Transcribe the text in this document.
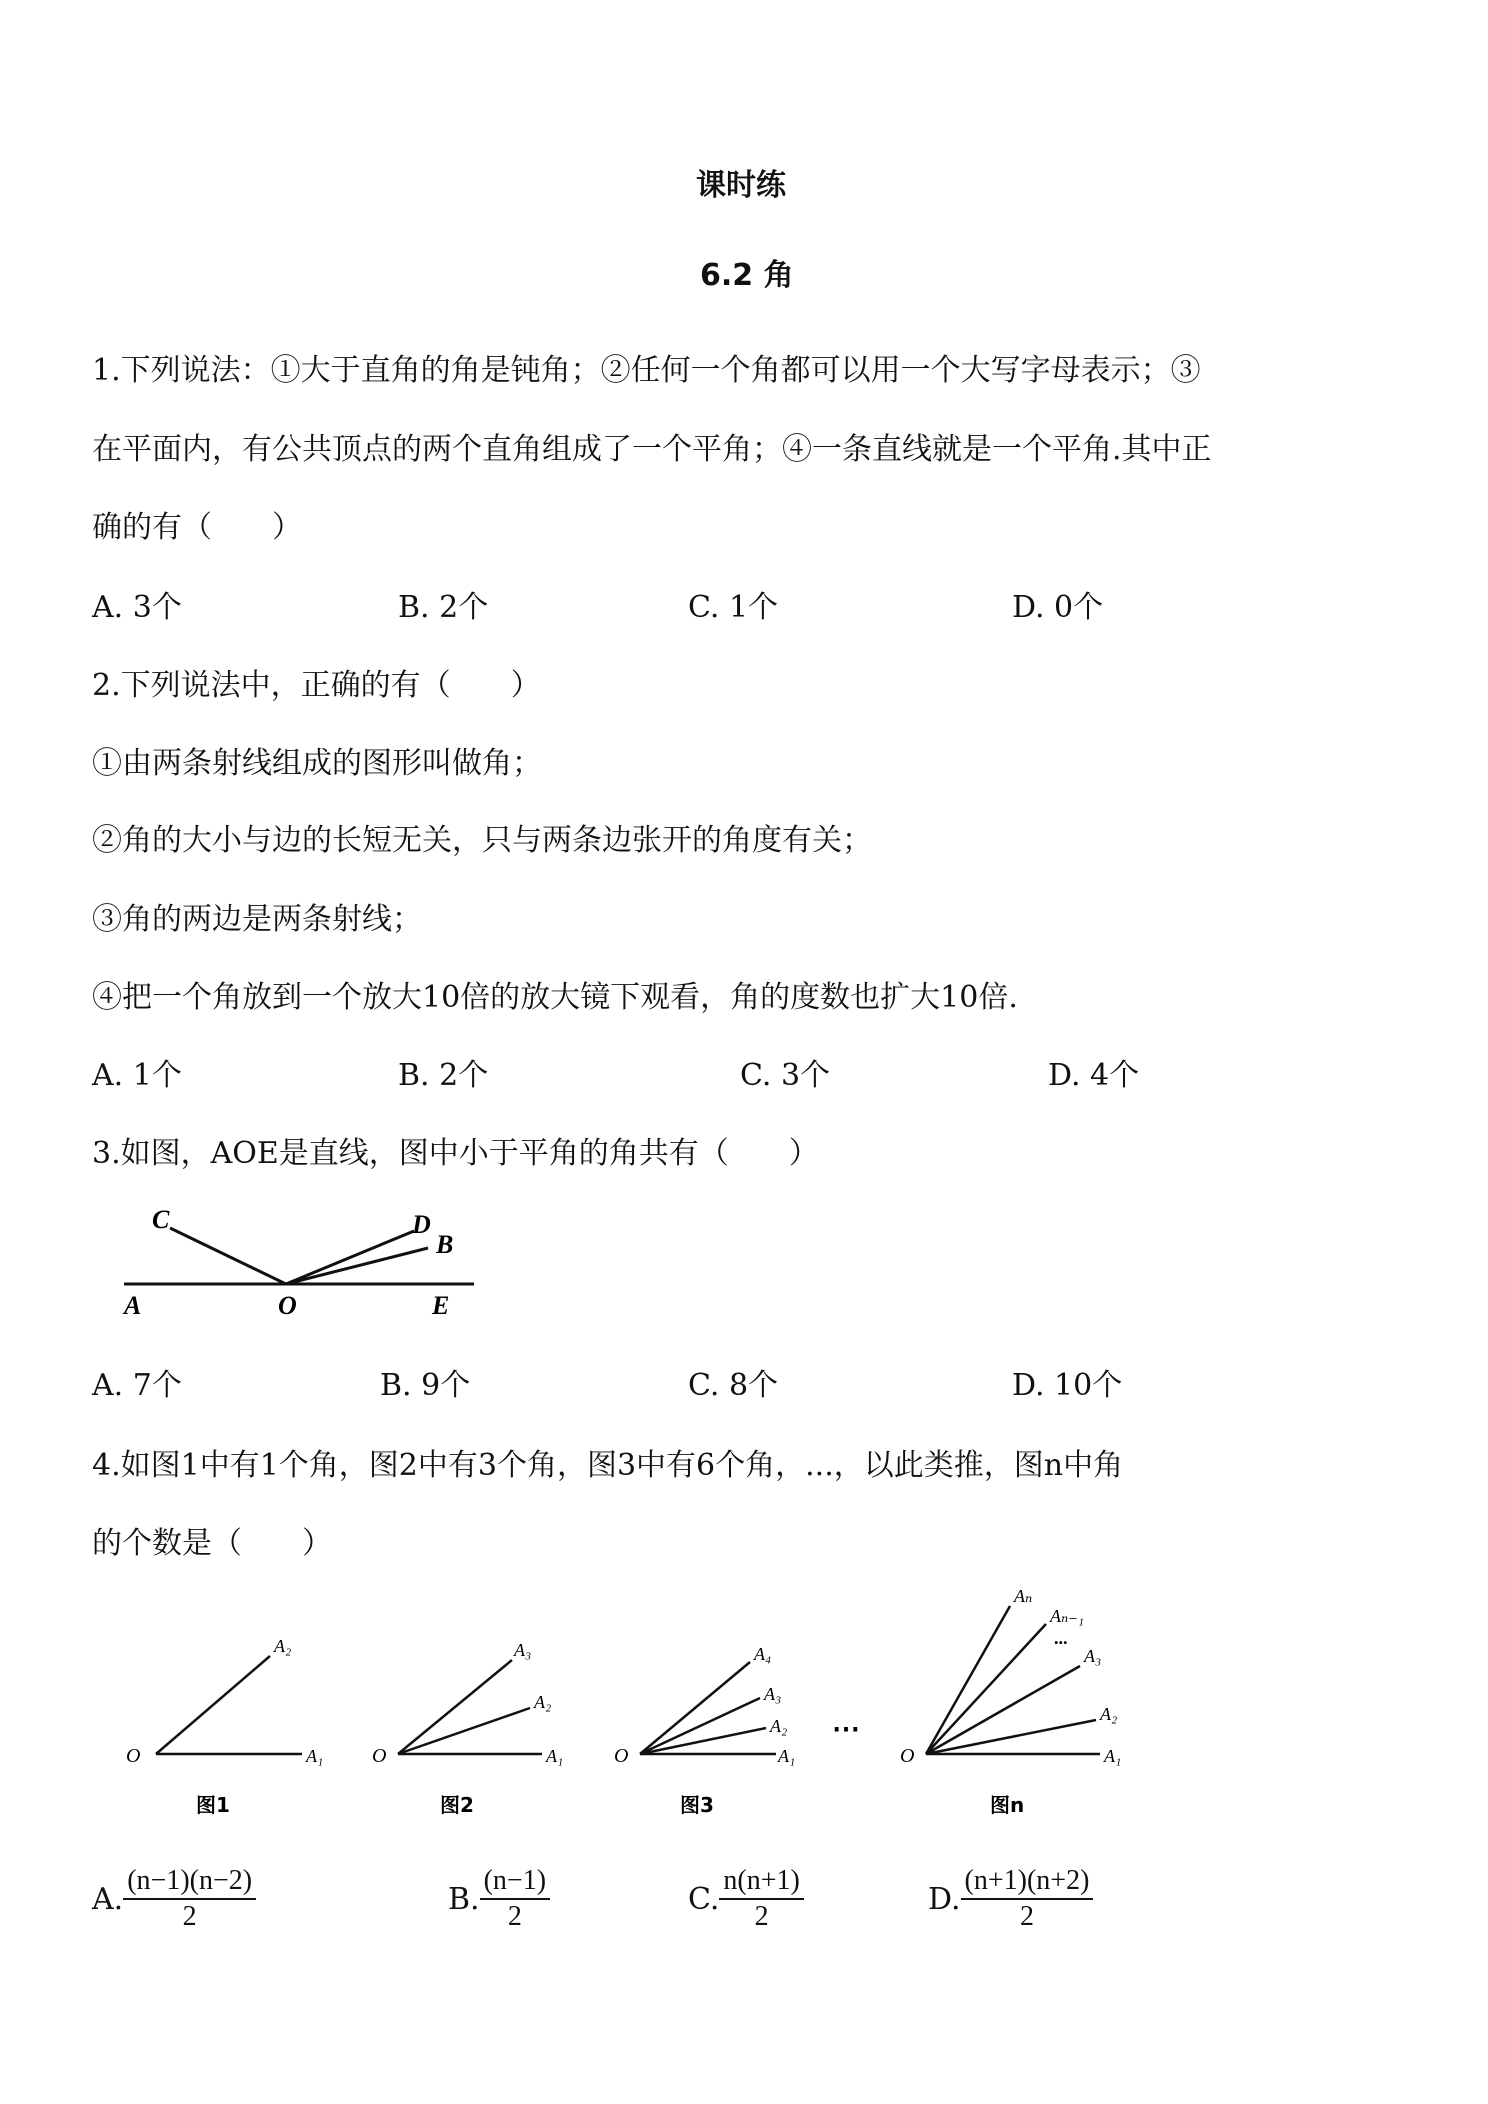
课时练
6.2 角
1.下列说法：①大于直角的角是钝角；②任何一个角都可以用一个大写字母表示；③
在平面内，有公共顶点的两个直角组成了一个平角；④一条直线就是一个平角.其中正
确的有（　　）
A. 3个	B. 2个	C. 1个	D. 0个
2.下列说法中，正确的有（　　）
①由两条射线组成的图形叫做角；
②角的大小与边的长短无关，只与两条边张开的角度有关；
③角的两边是两条射线；
④把一个角放到一个放大10倍的放大镜下观看，角的度数也扩大10倍.
A. 1个	B. 2个	C. 3个	D. 4个
3.如图，AOE是直线，图中小于平角的角共有（　　）
C	D
B
A	O	E
A. 7个	B. 9个	C. 8个	D. 10个
4.如图1中有1个角，图2中有3个角，图3中有6个角，...，以此类推，图n中角
的个数是（　　）
O	A₁
A₂
图1
O	A₁
A₂
A₃
图2
O	A₁
A₂
A₃
A₄
图3
⋯
O	A₁
A₂
A₃
...
Aₙ₋₁
Aₙ
图n
A. $\frac{(n-1)(n-2)}{2}$	B. $\frac{(n-1)}{2}$	C. $\frac{n(n+1)}{2}$	D. $\frac{(n+1)(n+2)}{2}$
